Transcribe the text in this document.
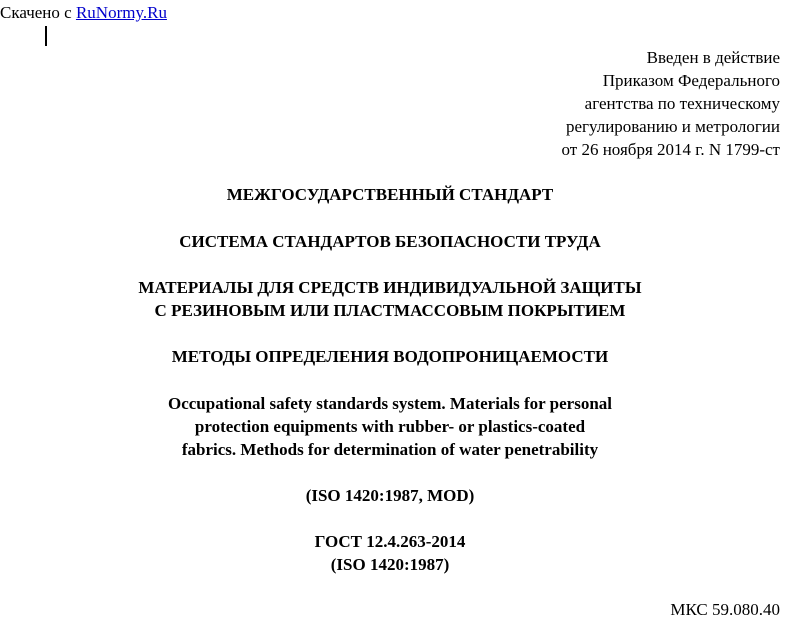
Скачено с RuNormy.Ru
Введен в действие
Приказом Федерального
агентства по техническому
регулированию и метрологии
от 26 ноября 2014 г. N 1799-ст
МЕЖГОСУДАРСТВЕННЫЙ СТАНДАРТ
СИСТЕМА СТАНДАРТОВ БЕЗОПАСНОСТИ ТРУДА
МАТЕРИАЛЫ ДЛЯ СРЕДСТВ ИНДИВИДУАЛЬНОЙ ЗАЩИТЫ
С РЕЗИНОВЫМ ИЛИ ПЛАСТМАССОВЫМ ПОКРЫТИЕМ
МЕТОДЫ ОПРЕДЕЛЕНИЯ ВОДОПРОНИЦАЕМОСТИ
Occupational safety standards system. Materials for personal
protection equipments with rubber- or plastics-coated
fabrics. Methods for determination of water penetrability
(ISO 1420:1987, MOD)
ГОСТ 12.4.263-2014
(ISO 1420:1987)
МКС 59.080.40
